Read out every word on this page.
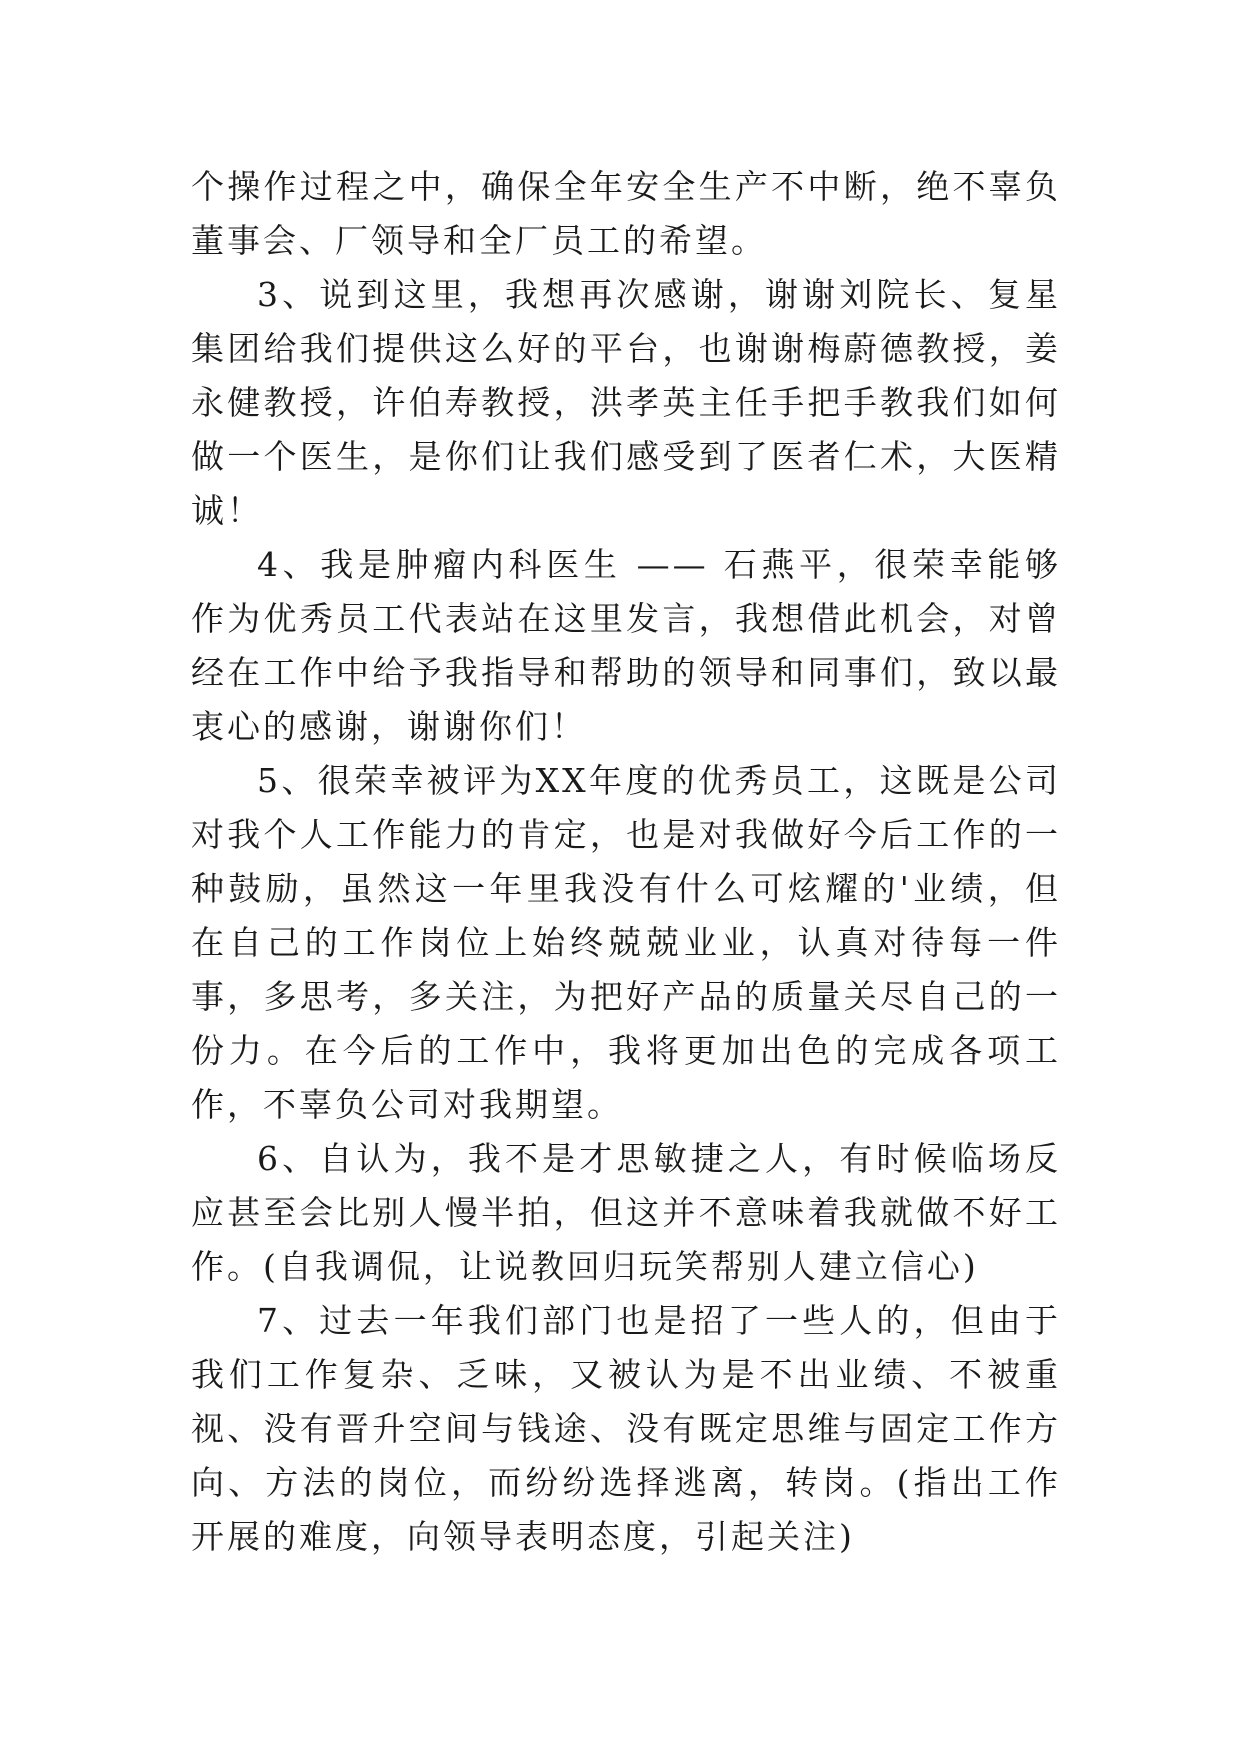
个操作过程之中，确保全年安全生产不中断，绝不辜负董事会、厂领导和全厂员工的希望。

3、说到这里，我想再次感谢，谢谢刘院长、复星集团给我们提供这么好的平台，也谢谢梅蔚德教授，姜永健教授，许伯寿教授，洪孝英主任手把手教我们如何做一个医生，是你们让我们感受到了医者仁术，大医精诚！

4、我是肿瘤内科医生 —— 石燕平，很荣幸能够作为优秀员工代表站在这里发言，我想借此机会，对曾经在工作中给予我指导和帮助的领导和同事们，致以最衷心的感谢，谢谢你们！

5、很荣幸被评为XX年度的优秀员工，这既是公司对我个人工作能力的肯定，也是对我做好今后工作的一种鼓励，虽然这一年里我没有什么可炫耀的'业绩，但在自己的工作岗位上始终兢兢业业，认真对待每一件事，多思考，多关注，为把好产品的质量关尽自己的一份力。在今后的工作中，我将更加出色的完成各项工作，不辜负公司对我期望。

6、自认为，我不是才思敏捷之人，有时候临场反应甚至会比别人慢半拍，但这并不意味着我就做不好工作。(自我调侃，让说教回归玩笑帮别人建立信心)

7、过去一年我们部门也是招了一些人的，但由于我们工作复杂、乏味，又被认为是不出业绩、不被重视、没有晋升空间与钱途、没有既定思维与固定工作方向、方法的岗位，而纷纷选择逃离，转岗。(指出工作开展的难度，向领导表明态度，引起关注)
